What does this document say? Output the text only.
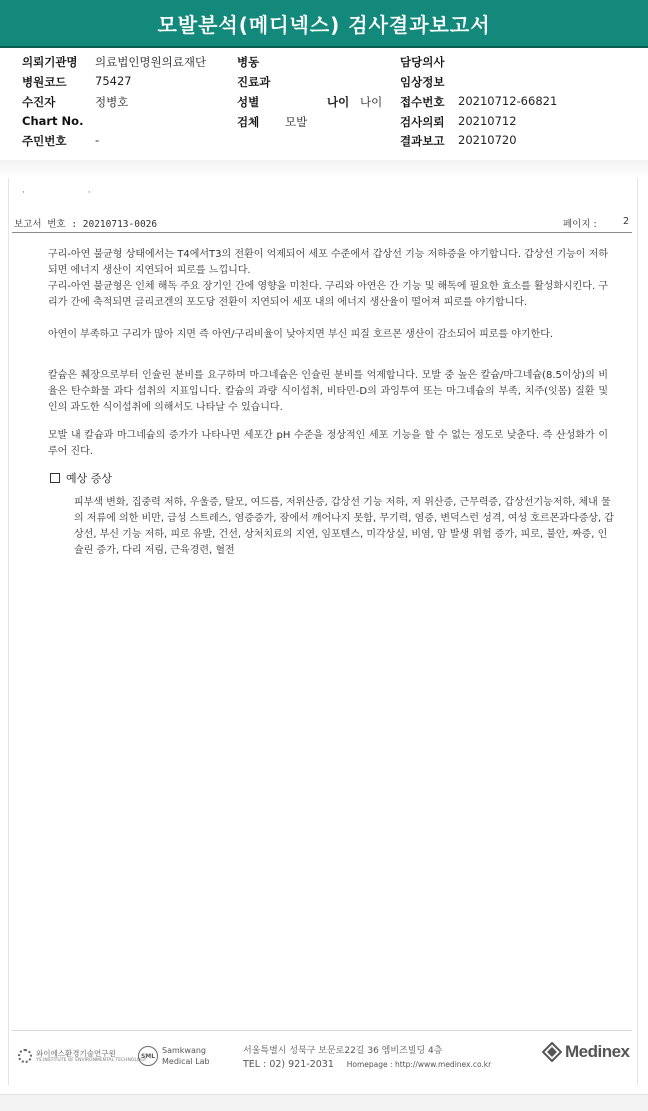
모발분석(메디넥스) 검사결과보고서
의뢰기관명 의료법인명원의료재단	병동	담당의사
병원코드 75427	진료과	임상정보
수진자	정병호	성별	나이 나이 접수번호 20210712-66821
Chart No.	검체 모발	검사의뢰 20210712
주민번호 -	결과보고 20210720
· ·
보고서 번호 : 20210713-0026	페이지 :	2

구리-아연 불균형 상태에서는 T4에서T3의 전환이 억제되어 세포 수준에서 갑상선 기능 저하증을 야기합니다. 갑상선 기능이 저하되면 에너지 생산이 지연되어 피로를 느낍니다.

구리-아연 불균형은 인체 해독 주요 장기인 간에 영향을 미친다. 구리와 아연은 간 기능 및 해독에 필요한 효소를 활성화시킨다. 구리가 간에 축적되면 글리코겐의 포도당 전환이 지연되어 세포 내의 에너지 생산율이 떨어져 피로를 야기합니다.

아연이 부족하고 구리가 많아 지면 즉 아연/구리비율이 낮아지면 부신 피질 호르몬 생산이 감소되어 피로를 야기한다.

칼슘은 췌장으로부터 인슐린 분비를 요구하며 마그네슘은 인슐린 분비를 억제합니다. 모발 중 높은 칼슘/마그네슘(8.5이상)의 비율은 탄수화물 과다 섭취의 지표입니다. 칼슘의 과량 식이섭취, 비타민-D의 과잉투여 또는 마그네슘의 부족, 치주(잇몸) 질환 및 인의 과도한 식이섭취에 의해서도 나타날 수 있습니다.

모발 내 칼슘과 마그네슘의 증가가 나타나면 세포간 pH 수준을 정상적인 세포 기능을 할 수 없는 정도로 낮춘다. 즉 산성화가 이루어 진다.

예상 증상
피부색 변화, 집중력 저하, 우울증, 탈모, 여드름, 저위산증, 갑상선 기능 저하, 저 위산증, 근무력증, 갑상선기능저하, 체내 물의 저류에 의한 비만, 급성 스트레스, 염증증가, 잠에서 깨어나지 못함, 무기력, 염증, 변덕스런 성격, 여성 호르몬과다증상, 갑상선, 부신 기능 저하, 피로 유발, 건선, 상처치료의 지연, 임포텐스, 미각상실, 비염, 암 발생 위험 증가, 피로, 불안, 짜증, 인슐린 증가, 다리 저림, 근육경련, 혈전
와이에스환경기술연구원
YS INSTITUTE OF ENVIRONMENTAL TECHNOLOGY
SML
Samkwang
Medical Lab
서울특별시 성북구 보문로22길 36 엠비즈빌딩 4층
TEL : 02) 921-2031 Homepage : http://www.medinex.co.kr
Medinex
